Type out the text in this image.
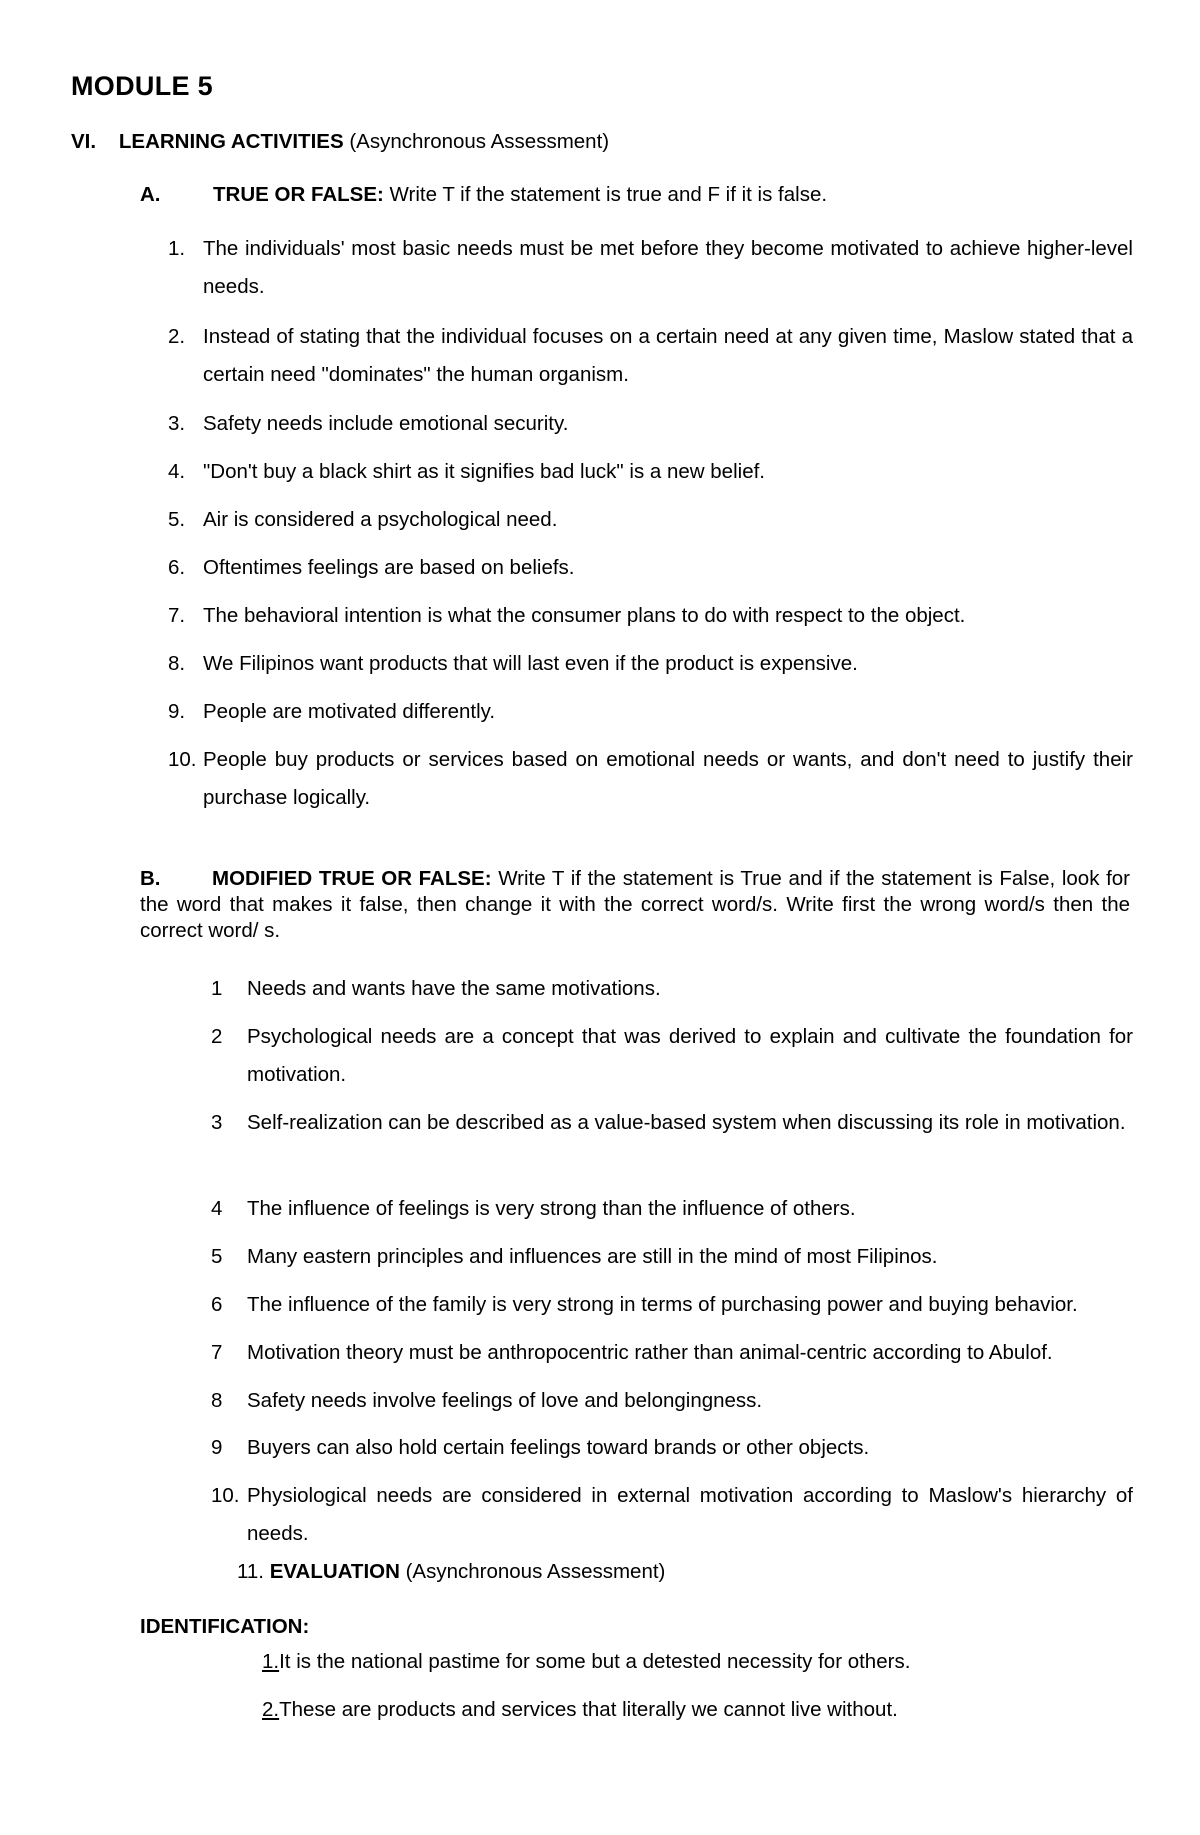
MODULE 5

VI. LEARNING ACTIVITIES (Asynchronous Assessment)

A.	TRUE OR FALSE: Write T if the statement is true and F if it is false.

1. The individuals' most basic needs must be met before they become motivated to achieve higher-level needs.
2. Instead of stating that the individual focuses on a certain need at any given time, Maslow stated that a certain need "dominates" the human organism.
3. Safety needs include emotional security.
4. "Don't buy a black shirt as it signifies bad luck" is a new belief.
5. Air is considered a psychological need.
6. Oftentimes feelings are based on beliefs.
7. The behavioral intention is what the consumer plans to do with respect to the object.
8. We Filipinos want products that will last even if the product is expensive.
9. People are motivated differently.
10. People buy products or services based on emotional needs or wants, and don't need to justify their purchase logically.

B.	MODIFIED TRUE OR FALSE: Write T if the statement is True and if the statement is False, look for the word that makes it false, then change it with the correct word/s. Write first the wrong word/s then the correct word/ s.

1 Needs and wants have the same motivations.
2 Psychological needs are a concept that was derived to explain and cultivate the foundation for motivation.
3 Self-realization can be described as a value-based system when discussing its role in motivation.
4 The influence of feelings is very strong than the influence of others.
5 Many eastern principles and influences are still in the mind of most Filipinos.
6 The influence of the family is very strong in terms of purchasing power and buying behavior.
7 Motivation theory must be anthropocentric rather than animal-centric according to Abulof.
8 Safety needs involve feelings of love and belongingness.
9 Buyers can also hold certain feelings toward brands or other objects.
10. Physiological needs are considered in external motivation according to Maslow's hierarchy of needs.

11. EVALUATION (Asynchronous Assessment)

IDENTIFICATION:

1.It is the national pastime for some but a detested necessity for others.

2.These are products and services that literally we cannot live without.
